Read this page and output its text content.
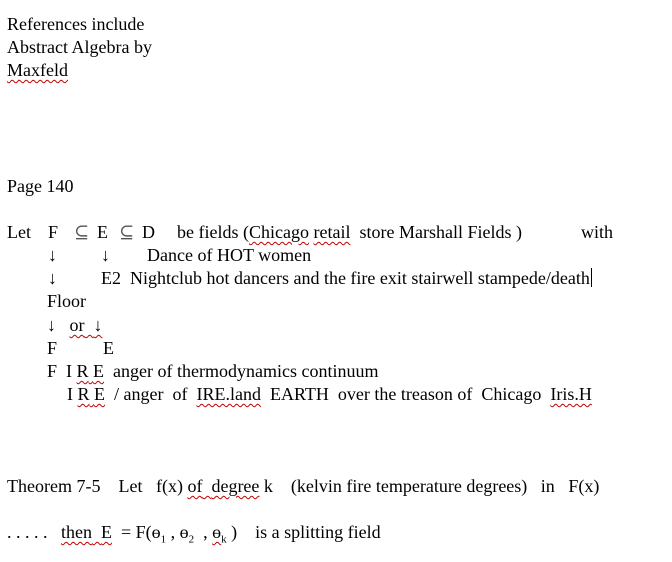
References include
Abstract Algebra by
Maxfeld
Page 140
Let F ⊆ E ⊆ D be fields (Chicago retail store Marshall Fields )	with
↓ ↓ Dance of HOT women
↓ E2  Nightclub hot dancers and the fire exit stairwell stampede/death
Floor
↓ or ↓
F	E
F I R E anger of thermodynamics continuum
I R E / anger  of IRE.land EARTH  over the treason of  Chicago Iris.H
Theorem 7-5 Let f(x) of degree k (kelvin fire temperature degrees) in F(x)
. . . . . then E = F(ɵ$_1$ , ɵ$_2$  , ɵ$_k$ ) is a splitting field
